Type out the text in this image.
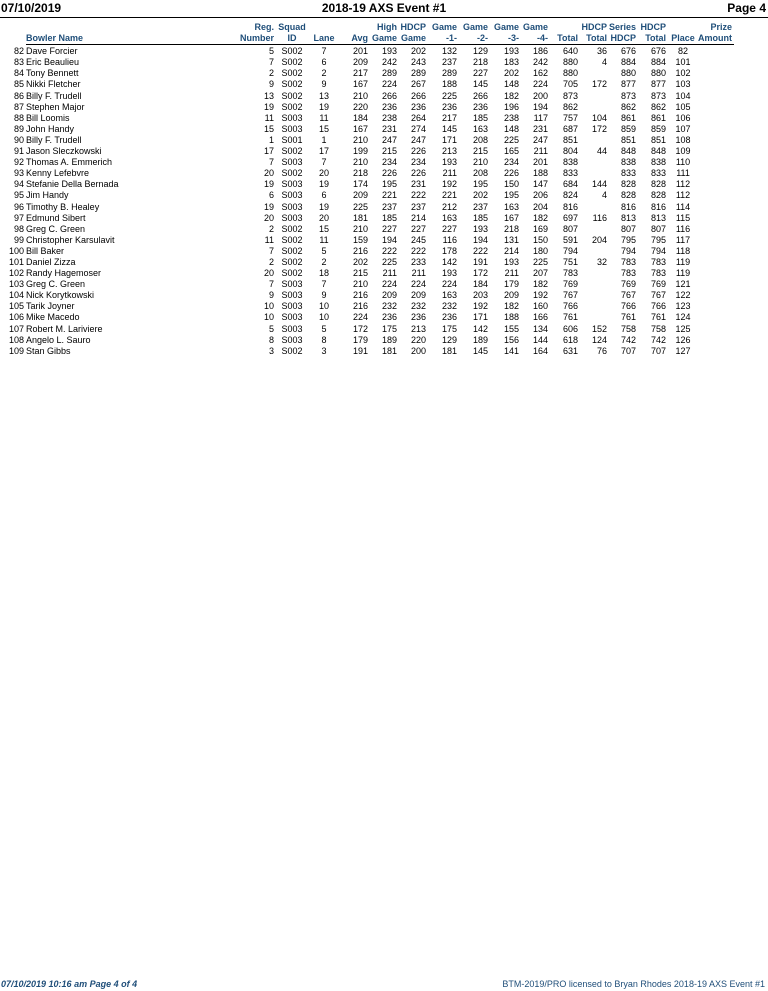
07/10/2019	2018-19 AXS Event #1	Page 4
		Reg.	Squad			High	HDCP	Game	Game	Game	Game		HDCP	Series	HDCP		Prize
	Bowler Name	Number	ID	Lane	Avg	Game	Game	-1-	-2-	-3-	-4-	Total	Total	HDCP	Total	Place	Amount
82	Dave Forcier	5	S002	7	201	193	202	132	129	193	186	640	36	676	676	82	
83	Eric Beaulieu	7	S002	6	209	242	243	237	218	183	242	880	4	884	884	101	
84	Tony Bennett	2	S002	2	217	289	289	289	227	202	162	880		880	880	102	
85	Nikki Fletcher	9	S002	9	167	224	267	188	145	148	224	705	172	877	877	103	
86	Billy F. Trudell	13	S002	13	210	266	266	225	266	182	200	873		873	873	104	
87	Stephen Major	19	S002	19	220	236	236	236	236	196	194	862		862	862	105	
88	Bill Loomis	11	S003	11	184	238	264	217	185	238	117	757	104	861	861	106	
89	John Handy	15	S003	15	167	231	274	145	163	148	231	687	172	859	859	107	
90	Billy F. Trudell	1	S001	1	210	247	247	171	208	225	247	851		851	851	108	
91	Jason Sleczkowski	17	S002	17	199	215	226	213	215	165	211	804	44	848	848	109	
92	Thomas A. Emmerich	7	S003	7	210	234	234	193	210	234	201	838		838	838	110	
93	Kenny Lefebvre	20	S002	20	218	226	226	211	208	226	188	833		833	833	111	
94	Stefanie Della Bernada	19	S003	19	174	195	231	192	195	150	147	684	144	828	828	112	
95	Jim Handy	6	S003	6	209	221	222	221	202	195	206	824	4	828	828	112	
96	Timothy B. Healey	19	S003	19	225	237	237	212	237	163	204	816		816	816	114	
97	Edmund Sibert	20	S003	20	181	185	214	163	185	167	182	697	116	813	813	115	
98	Greg C. Green	2	S002	15	210	227	227	227	193	218	169	807		807	807	116	
99	Christopher Karsulavit	11	S002	11	159	194	245	116	194	131	150	591	204	795	795	117	
100	Bill Baker	7	S002	5	216	222	222	178	222	214	180	794		794	794	118	
101	Daniel Zizza	2	S002	2	202	225	233	142	191	193	225	751	32	783	783	119	
102	Randy Hagemoser	20	S002	18	215	211	211	193	172	211	207	783		783	783	119	
103	Greg C. Green	7	S003	7	210	224	224	224	184	179	182	769		769	769	121	
104	Nick Korytkowski	9	S003	9	216	209	209	163	203	209	192	767		767	767	122	
105	Tarik Joyner	10	S003	10	216	232	232	232	192	182	160	766		766	766	123	
106	Mike Macedo	10	S003	10	224	236	236	236	171	188	166	761		761	761	124	
107	Robert M. Lariviere	5	S003	5	172	175	213	175	142	155	134	606	152	758	758	125	
108	Angelo L. Sauro	8	S003	8	179	189	220	129	189	156	144	618	124	742	742	126	
109	Stan Gibbs	3	S002	3	191	181	200	181	145	141	164	631	76	707	707	127	
07/10/2019 10:16 am Page 4 of 4	BTM-2019/PRO licensed to Bryan Rhodes 2018-19 AXS Event #1
